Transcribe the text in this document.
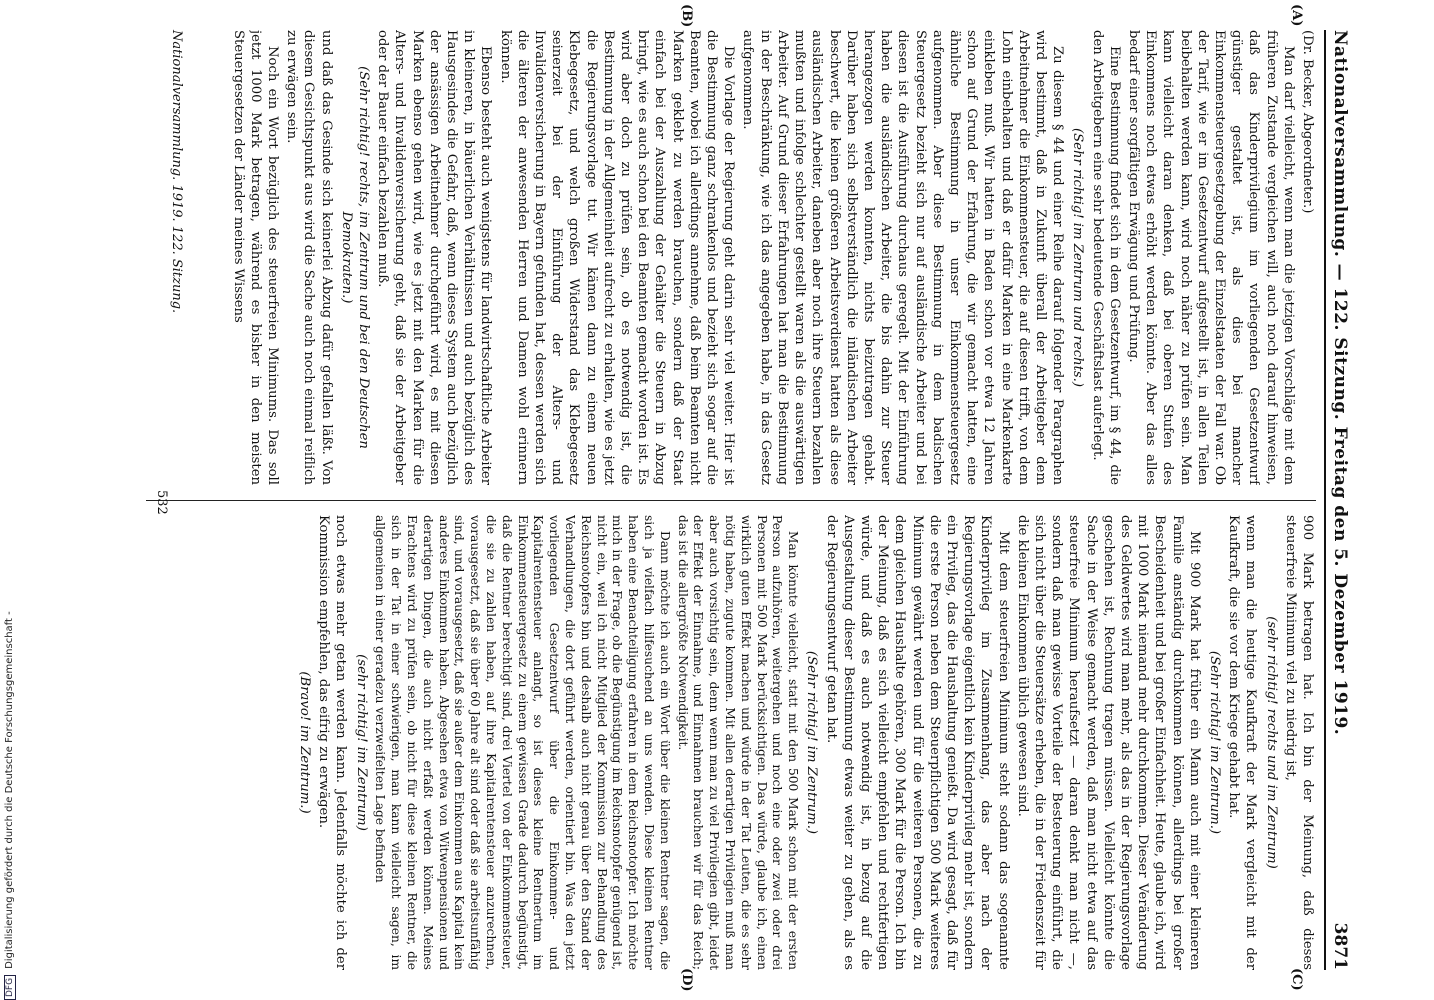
Nationalversammlung. — 122. Sitzung. Freitag den 5. Dezember 1919.
3871

(Dr. Becker, Abgeordneter.)

Man darf vielleicht, wenn man die jetzigen Vorschläge mit dem früheren Zustande vergleichen will, auch noch darauf hinweisen, daß das Kinderprivilegium im vorliegenden Gesetzentwurf günstiger gestaltet ist, als dies bei mancher Einkommensteuergesetzgebung der Einzelstaaten der Fall war. Ob der Tarif, wie er im Gesetzentwurf aufgestellt ist, in allen Teilen beibehalten werden kann, wird noch näher zu prüfen sein. Man kann vielleicht daran denken, daß bei oberen Stufen des Einkommens noch etwas erhöht werden könnte. Aber das alles bedarf einer sorgfältigen Erwägung und Prüfung.

Eine Bestimmung findet sich in dem Gesetzentwurf, im § 44, die den Arbeitgebern eine sehr bedeutende Geschäftslast auferlegt.

(Sehr richtig! im Zentrum und rechts.)

Zu diesem § 44 und einer Reihe darauf folgender Paragraphen wird bestimmt, daß in Zukunft überall der Arbeitgeber dem Arbeitnehmer die Einkommensteuer, die auf diesen trifft, von dem Lohn einbehalten und daß er dafür Marken in eine Markenkarte einkleben muß. Wir hatten in Baden schon vor etwa 12 Jahren schon auf Grund der Erfahrung, die wir gemacht hatten, eine ähnliche Bestimmung in unser Einkommensteuergesetz aufgenommen. Aber diese Bestimmung in dem badischen Steuergesetz bezieht sich nur auf ausländische Arbeiter und bei diesen ist die Ausführung durchaus geregelt. Mit der Einführung haben die ausländischen Arbeiter, die bis dahin zur Steuer herangezogen werden konnten, nichts beizutragen gehabt. Darüber haben sich selbstverständlich die inländischen Arbeiter beschwert, die keinen größeren Arbeitsverdienst hatten als diese ausländischen Arbeiter, daneben aber noch ihre Steuern bezahlen mußten und infolge schlechter gestellt waren als die auswärtigen Arbeiter. Auf Grund dieser Erfahrungen hat man die Bestimmung in der Beschränkung, wie ich das angegeben habe, in das Gesetz aufgenommen.

Die Vorlage der Regierung geht darin sehr viel weiter. Hier ist die Bestimmung ganz schrankenlos und bezieht sich sogar auf die Beamten, wobei ich allerdings annehme, daß beim Beamten nicht Marken geklebt zu werden brauchen, sondern daß der Staat einfach bei der Auszahlung der Gehälter die Steuern in Abzug bringt, wie es auch schon bei den Beamten gemacht worden ist. Es wird aber doch zu prüfen sein, ob es notwendig ist, die Bestimmung in der Allgemeinheit aufrecht zu erhalten, wie es jetzt die Regierungsvorlage tut. Wir kämen dann zu einem neuen Klebegesetz, und welch großen Widerstand das Klebegesetz seinerzeit bei der Einführung der Alters- und Invalidenversicherung in Bayern gefunden hat, dessen werden sich die älteren der anwesenden Herren und Damen wohl erinnern können.

Ebenso besteht auch wenigstens für landwirtschaftliche Arbeiter in kleineren, in bäuerlichen Verhältnissen und auch bezüglich des Hausgesindes die Gefahr, daß, wenn dieses System auch bezüglich der ansässigen Arbeitnehmer durchgeführt wird, es mit diesen Marken ebenso gehen wird, wie es jetzt mit den Marken für die Alters- und Invalidenversicherung geht, daß sie der Arbeitgeber oder der Bauer einfach bezahlen muß.

(Sehr richtig! rechts, im Zentrum und bei den Deutschen Demokraten.)

und daß das Gesinde sich keinerlei Abzug dafür gefallen läßt. Von diesem Gesichtspunkt aus wird die Sache auch noch einmal reiflich zu erwägen sein.

Noch ein Wort bezüglich des steuerfreien Minimums. Das soll jetzt 1000 Mark betragen, während es bisher in den meisten Steuergesetzen der Länder meines Wissens

900 Mark betragen hat. Ich bin der Meinung, daß dieses steuerfreie Minimum viel zu niedrig ist,

(sehr richtig! rechts und im Zentrum)

wenn man die heutige Kaufkraft der Mark vergleicht mit der Kaufkraft, die sie vor dem Kriege gehabt hat.

(Sehr richtig! im Zentrum.)

Mit 900 Mark hat früher ein Mann auch mit einer kleineren Familie anständig durchkommen können, allerdings bei großer Bescheidenheit und bei großer Einfachheit. Heute, glaube ich, wird mit 1000 Mark niemand mehr durchkommen. Dieser Veränderung des Geldwertes wird man mehr, als das in der Regierungsvorlage geschehen ist, Rechnung tragen müssen. Vielleicht könnte die Sache in der Weise gemacht werden, daß man nicht etwa auf das steuerfreie Minimum heraufsetzt — daran denkt man nicht —, sondern daß man gewisse Vorteile der Besteuerung einführt, die sich nicht über die Steuersätze erheben, die in der Friedenszeit für die kleinen Einkommen üblich gewesen sind.

Mit dem steuerfreien Minimum steht sodann das sogenannte Kinderprivileg im Zusammenhang, das aber nach der Regierungsvorlage eigentlich kein Kinderprivileg mehr ist, sondern ein Privileg, das die Haushaltung genießt. Da wird gesagt, daß für die erste Person neben dem Steuerpflichtigen 500 Mark weiteres Minimum gewährt werden und für die weiteren Personen, die zu dem gleichen Haushalte gehören, 300 Mark für die Person. Ich bin der Meinung, daß es sich vielleicht empfehlen und rechtfertigen würde, und daß es auch notwendig ist, in bezug auf die Ausgestaltung dieser Bestimmung etwas weiter zu gehen, als es der Regierungsentwurf getan hat.

(Sehr richtig! im Zentrum.)

Man könnte vielleicht, statt mit den 500 Mark schon mit der ersten Person aufzuhören, weitergehen und noch eine oder zwei oder drei Personen mit 500 Mark berücksichtigen. Das würde, glaube ich, einen wirklich guten Effekt machen und würde in der Tat Leuten, die es sehr nötig haben, zugute kommen. Mit allen derartigen Privilegien muß man aber auch vorsichtig sein, denn wenn man zu viel Privilegien gibt, leidet der Effekt der Einnahme, und Einnahmen brauchen wir für das Reich; das ist die allergrößte Notwendigkeit.

Dann möchte ich auch ein Wort über die kleinen Rentner sagen, die sich ja vielfach hilfesuchend an uns wenden. Diese kleinen Rentner haben eine Benachteiligung erfahren in dem Reichsnotopfer. Ich möchte mich in der Frage, ob die Begünstigung im Reichsnotopfer genügend ist, nicht ein, weil ich nicht Mitglied der Kommission zur Behandlung des Reichsnotopfers bin und deshalb auch nicht genau über den Stand der Verhandlungen, die dort geführt werden, orientiert bin. Was den jetzt vorliegenden Gesetzentwurf über die Einkommen- und Kapitalrentensteuer anlangt, so ist dieses kleine Rentnertum im Einkommensteuergesetz zu einem gewissen Grade dadurch begünstigt, daß die Rentner berechtigt sind, drei Viertel von der Einkommensteuer, die sie zu zahlen haben, auf ihre Kapitalrentensteuer anzurechnen, vorausgesetzt, daß sie über 60 Jahre alt sind oder daß sie arbeitsunfähig sind, und vorausgesetzt, daß sie außer dem Einkommen aus Kapital kein anderes Einkommen haben. Abgesehen etwa von Witwenpensionen und derartigen Dingen, die auch nicht erfaßt werden können. Meines Erachtens wird zu prüfen sein, ob nicht für diese kleinen Rentner, die sich in der Tat in einer schwierigen, man kann vielleicht sagen, im allgemeinen in einer geradezu verzweifelten Lage befinden

(sehr richtig! im Zentrum)

noch etwas mehr getan werden kann. Jedenfalls möchte ich der Kommission empfehlen, das eifrig zu erwägen.

(Bravo! im Zentrum.)

Nationalversammlung. 1919. 122. Sitzung.
532
(A)
(B)
(C)
(D)
DFGDigitalisierung gefördert durch die Deutsche Forschungsgemeinschaft -
